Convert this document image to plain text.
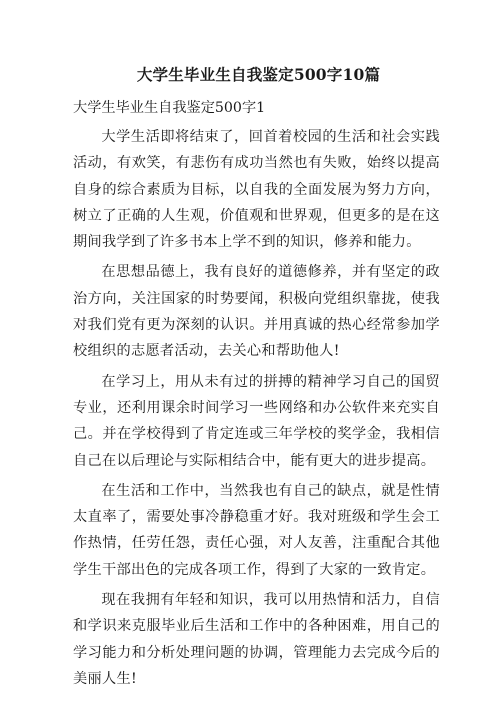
大学生毕业生自我鉴定500字10篇
大学生毕业生自我鉴定500字1

大学生活即将结束了，回首着校园的生活和社会实践活动，有欢笑，有悲伤有成功当然也有失败，始终以提高自身的综合素质为目标，以自我的全面发展为努力方向，树立了正确的人生观，价值观和世界观，但更多的是在这期间我学到了许多书本上学不到的知识，修养和能力。

在思想品德上，我有良好的道德修养，并有坚定的政治方向，关注国家的时势要闻，积极向党组织靠拢，使我对我们党有更为深刻的认识。并用真诚的热心经常参加学校组织的志愿者活动，去关心和帮助他人!

在学习上，用从未有过的拼搏的精神学习自己的国贸专业，还利用课余时间学习一些网络和办公软件来充实自己。并在学校得到了肯定连或三年学校的奖学金，我相信自己在以后理论与实际相结合中，能有更大的进步提高。

在生活和工作中，当然我也有自己的缺点，就是性情太直率了，需要处事冷静稳重才好。我对班级和学生会工作热情，任劳任怨，责任心强，对人友善，注重配合其他学生干部出色的完成各项工作，得到了大家的一致肯定。

现在我拥有年轻和知识，我可以用热情和活力，自信和学识来克服毕业后生活和工作中的各种困难，用自己的学习能力和分析处理问题的协调，管理能力去完成今后的美丽人生!
